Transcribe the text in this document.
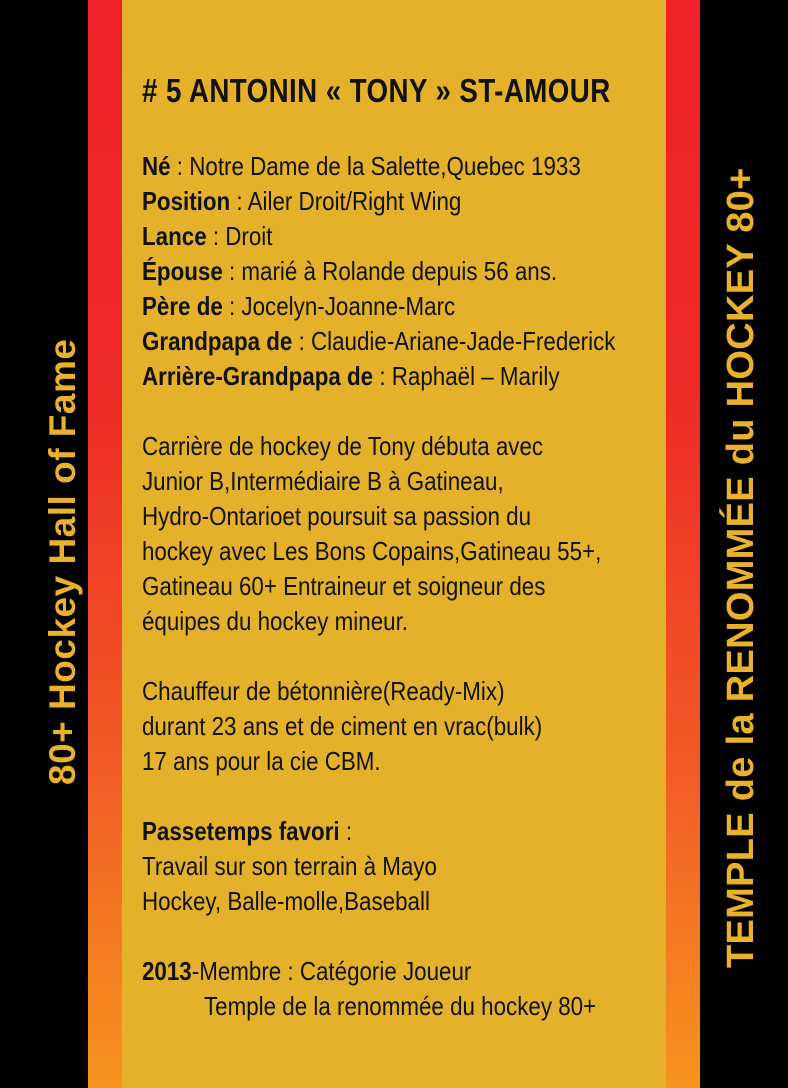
80+ Hockey Hall of Fame	TEMPLE de la RENOMMÉE du HOCKEY 80+
# 5 ANTONIN « TONY » ST-AMOUR
Né : Notre Dame de la Salette,Quebec 1933
Position : Ailer Droit/Right Wing
Lance : Droit
Épouse : marié à Rolande depuis 56 ans.
Père de : Jocelyn-Joanne-Marc
Grandpapa de : Claudie-Ariane-Jade-Frederick
Arrière-Grandpapa de : Raphaël – Marily
Carrière de hockey de Tony débuta avec
Junior B,Intermédiaire B à Gatineau,
Hydro-Ontarioet poursuit sa passion du
hockey avec Les Bons Copains,Gatineau 55+,
Gatineau 60+ Entraineur et soigneur des
équipes du hockey mineur.
Chauffeur de bétonnière(Ready-Mix)
durant 23 ans et de ciment en vrac(bulk)
17 ans pour la cie CBM.
Passetemps favori :
Travail sur son terrain à Mayo
Hockey, Balle-molle,Baseball
2013-Membre : Catégorie Joueur
Temple de la renommée du hockey 80+
